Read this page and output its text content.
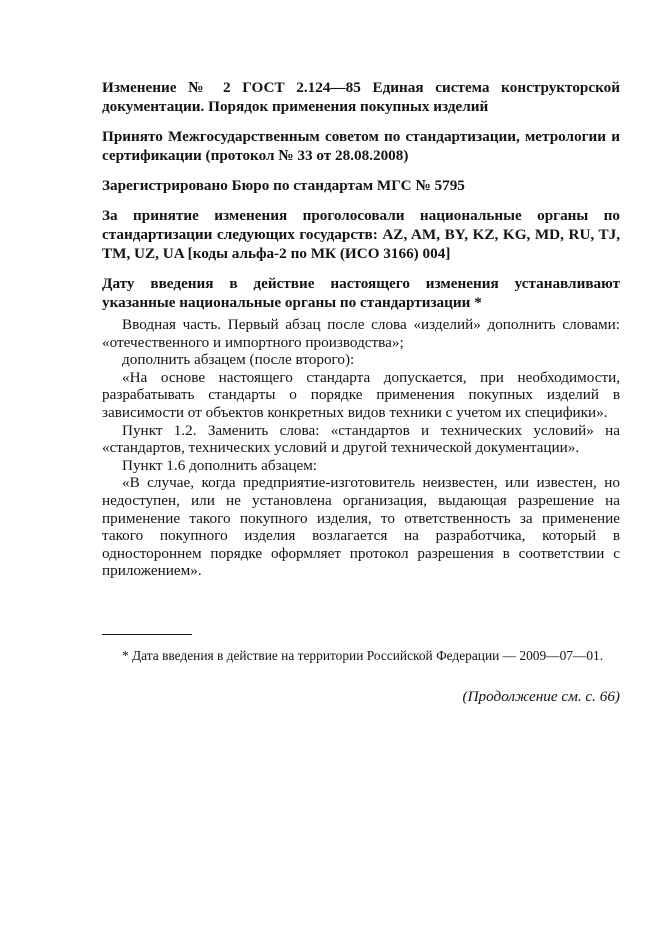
Изменение № 2 ГОСТ 2.124—85 Единая система конструкторской документации. Порядок применения покупных изделий

Принято Межгосударственным советом по стандартизации, метрологии и сертификации (протокол № 33 от 28.08.2008)

Зарегистрировано Бюро по стандартам МГС № 5795

За принятие изменения проголосовали национальные органы по стандартизации следующих государств: AZ, AM, BY, KZ, KG, MD, RU, TJ, TM, UZ, UA [коды альфа-2 по МК (ИСО 3166) 004]

Дату введения в действие настоящего изменения устанавливают указанные национальные органы по стандартизации *

Вводная часть. Первый абзац после слова «изделий» дополнить словами: «отечественного и импортного производства»;

дополнить абзацем (после второго):

«На основе настоящего стандарта допускается, при необходимости, разрабатывать стандарты о порядке применения покупных изделий в зависимости от объектов конкретных видов техники с учетом их специфики».

Пункт 1.2. Заменить слова: «стандартов и технических условий» на «стандартов, технических условий и другой технической документации».

Пункт 1.6 дополнить абзацем:

«В случае, когда предприятие-изготовитель неизвестен, или известен, но недоступен, или не установлена организация, выдающая разрешение на применение такого покупного изделия, то ответственность за применение такого покупного изделия возлагается на разработчика, который в одностороннем порядке оформляет протокол разрешения в соответствии с приложением».

* Дата введения в действие на территории Российской Федерации — 2009—07—01.

(Продолжение см. с. 66)
